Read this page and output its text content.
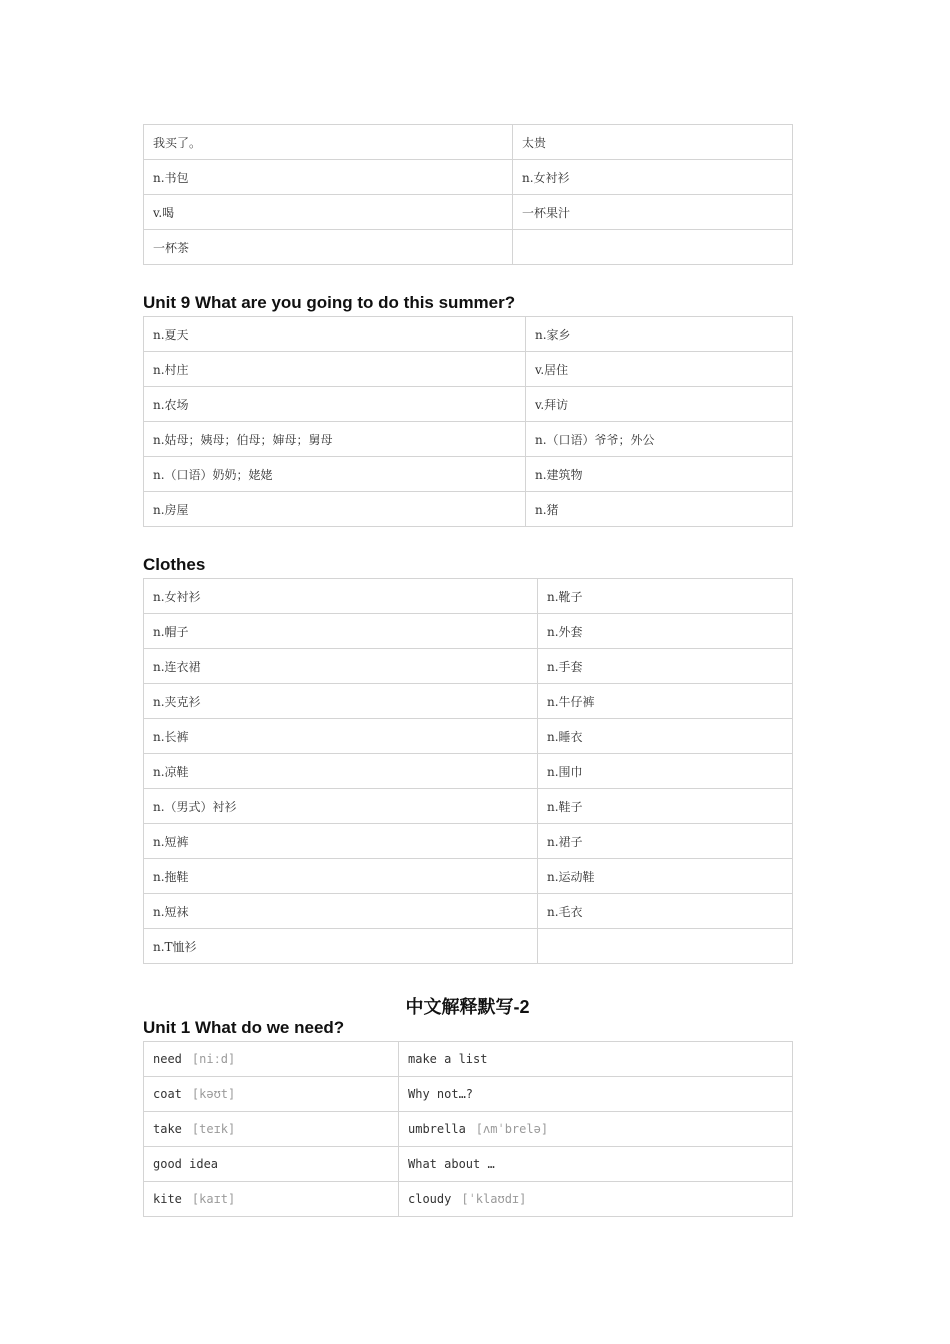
我买了。	太贵
n.书包	n.女衬衫
v.喝	一杯果汁
一杯茶	
Unit 9 What are you going to do this summer?
n.夏天	n.家乡
n.村庄	v.居住
n.农场	v.拜访
n.姑母；姨母；伯母；婶母；舅母	n.（口语）爷爷；外公
n.（口语）奶奶；姥姥	n.建筑物
n.房屋	n.猪
Clothes
n.女衬衫	n.靴子
n.帽子	n.外套
n.连衣裙	n.手套
n.夹克衫	n.牛仔裤
n.长裤	n.睡衣
n.凉鞋	n.围巾
n.（男式）衬衫	n.鞋子
n.短裤	n.裙子
n.拖鞋	n.运动鞋
n.短袜	n.毛衣
n.T恤衫	
中文解释默写-2
Unit 1 What do we need?
need [niːd]	make a list
coat [kəʊt]	Why not…?
take [teɪk]	umbrella [ʌmˈbrelə]
good idea	What about …
kite [kaɪt]	cloudy [ˈklaʊdɪ]
